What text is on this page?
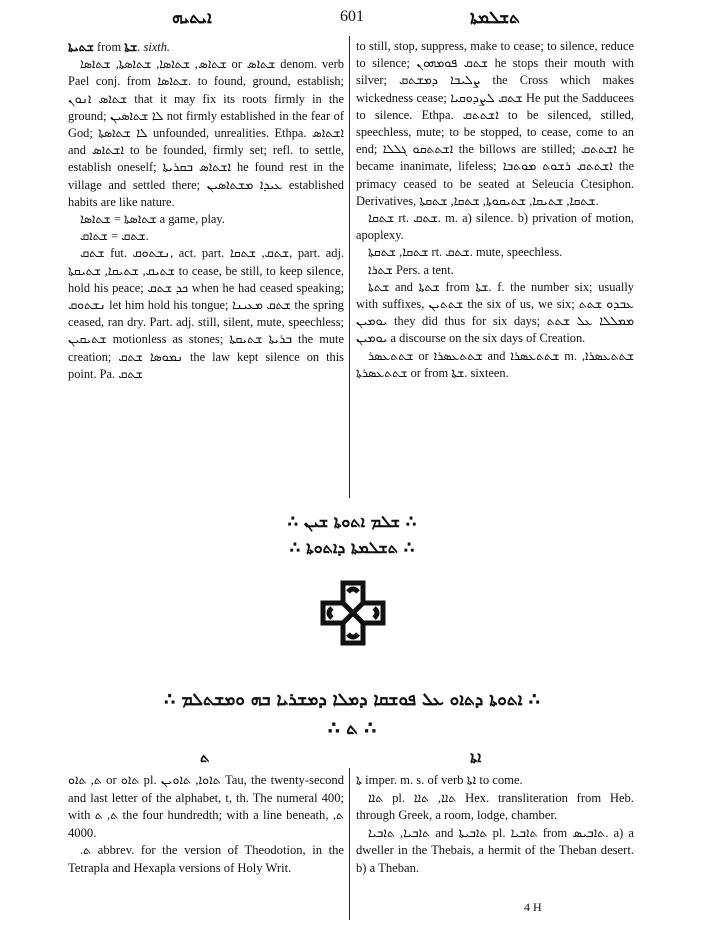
ܐܝܬܝܗ	601	ܬܫܠܡܬܐ

ܫܬܝܬܐ from ܫܬܐ. sixth.

ܫܬܐܣ, ܫܬܐܣܐ, ܫܬܐܣܬܐ, ܫܬܐܣܐ or ܫܬܐܣ denom. verb Pael conj. from ܫܬܐܣܐ. to found, ground, establish; ܫܬܐܣ ܐܢܘܢ that it may fix its roots firmly in the ground; ܠܐ ܫܬܐܣܝܢ not firmly established in the fear of God; ܠܐ ܫܬܐܣܬܐ unfounded, unrealities. Ethpa. ܐܫܬܐܣ and ܐܫܬܐܣ to be founded, firmly set; refl. to settle, establish oneself; ܐܫܬܐܣ ܒܩܪܝܬܐ he found rest in the village and settled there; ܥܝܕܐ ܡܫܬܐܣܝܢ established habits are like nature.

ܫܬܐܣܬܐ = ܫܬܐܣܐ a game, play.

ܫܬܩ = ܫܬܐܩ.

ܫܬܩ fut. ܢܫܬܘܩ, act. part. ܫܬܩ, ܫܬܩܐ, part. adj. ܫܬܝܩ, ܫܬܝܩܐ, ܫܬܝܩܬܐ to cease, be still, to keep silence, hold his peace; ܟܕ ܫܬܩ when he had ceased speaking; ܢܫܬܘܩ let him hold his tongue; ܫܬܩ ܡܥܝܢܐ the spring ceased, ran dry. Part. adj. still, silent, mute, speechless; ܫܬܝܩܝܢ motionless as stones; ܒܪܝܬܐ ܫܬܝܩܬܐ the mute creation; ܢܡܘܣܐ ܫܬܩ the law kept silence on this point. Pa. ܫܬܩ

to still, stop, suppress, make to cease; to silence, reduce to silence; ܫܬܩ ܦܘܡܗܘܢ he stops their mouth with silver; ܨܠܝܒܐ ܕܡܫܬܩ the Cross which makes wickedness cease; ܫܬܩ ܠܨܕܘܩܝܐ He put the Sadducees to silence. Ethpa. ܐܫܬܬܩ to be silenced, stilled, speechless, mute; to be stopped, to cease, come to an end; ܐܫܬܬܩܘ ܓܠܠܐ the billows are stilled; ܐܫܬܬܩ he became inanimate, lifeless; ܐܫܬܬܩ ܪܫܘܬ ܡܘܬܒܐ the primacy ceased to be seated at Seleucia Ctesiphon. Derivatives, ܫܬܩܐ, ܫܬܝܩܐ, ܫܬܝܩܘܬܐ, ܫܬܩܐ, ܫܬܩܬܐ.

ܫܬܩܐ rt. ܫܬܩ. m. a) silence. b) privation of motion, apoplexy.

ܫܬܩܐ, ܫܬܩܬܐ rt. ܫܬܩ. mute, speechless.

ܫܬܪܐ Pers. a tent.

ܫܬܬܐ and ܫܬܬܐ from ܫܬܐ. f. the number six; usually with suffixes, ܫܬܬܝܢ the six of us, we six; ܥܒܕܘ ܫܬܬ ܝܘܡܝܢ they did thus for six days; ܡܡܠܠܐ ܥܠ ܫܬܬ ܝܘܡܝܢ a discourse on the six days of Creation.

ܫܬܬܥܣܪ or ܫܬܬܥܣܪܐ and ܫܬܬܥܣܪܐ m. ܫܬܬܥܣܪܐ, ܫܬܬܥܣܪܬܐ or from ܫܬܐ. sixteen.

∴ ܫܠܡ ܐܬܘܬܐ ܫܝܢ ∴
∴ ܬܫܠܡܬܐ ܕܐܬܘܬܐ ∴
∴ ܐܬܘܬܐ ܕܬܐܘ ܥܠ ܦܘܫܩܐ ܕܡܠܐ ܕܡܫܪܝܐ ܒܗ ܘܡܫܬܠܡ ∴
∴ ܬ ∴
ܬ	ܐܬܐ

ܬ, ܬܐܘ or ܬܐܘ pl. ܬܐܘܐ, ܬܐܘܝܢ Tau, the twenty-second and last letter of the alphabet, t, th. The numeral 400; with ܬ, ܬ the four hundredth; with a line beneath, ܬ, 4000.

.ܬ abbrev. for the version of Theodotion, in the Tetrapla and Hexapla versions of Holy Writ.

ܬܐ imper. m. s. of verb ܐܬܐ to come.

ܬܐܐ pl. ܬܐܐ, ܬܐܐ Hex. transliteration from Heb. through Greek, a room, lodge, chamber.

ܬܐܒܝܐ, ܬܐܒܝܐ and ܬܐܒܝܬܐ pl. ܬܐܒܝܐ from ܬܐܒܝܣ. a) a dweller in the Thebais, a hermit of the Theban desert. b) a Theban.

4 H
